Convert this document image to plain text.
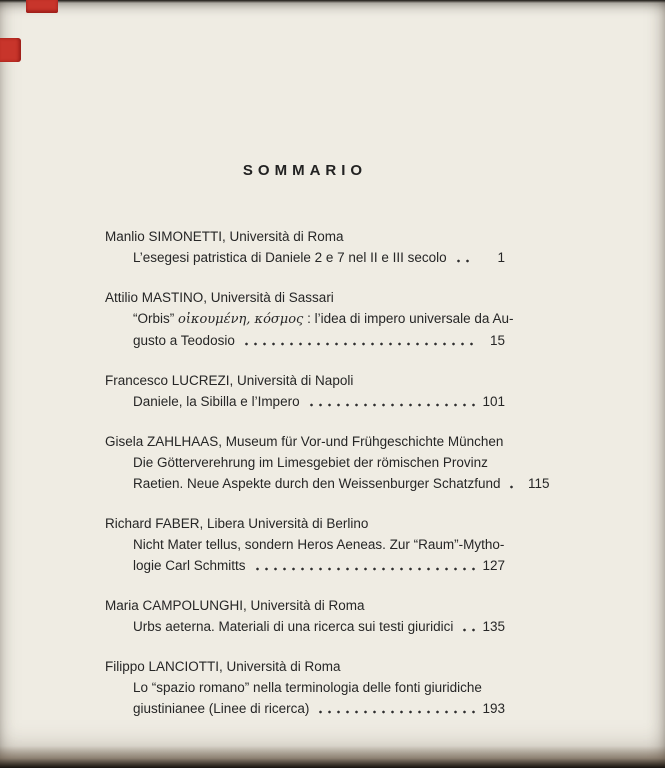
SOMMARIO
Manlio SIMONETTI, Università di Roma
L’esegesi patristica di Daniele 2 e 7 nel II e III secolo	1
Attilio MASTINO, Università di Sassari
“Orbis” οἰκουμένη, κόσμος : l’idea di impero universale da Au-
gusto a Teodosio	15
Francesco LUCREZI, Università di Napoli
Daniele, la Sibilla e l’Impero	101
Gisela ZAHLHAAS, Museum für Vor-und Frühgeschichte München
Die Götterverehrung im Limesgebiet der römischen Provinz
Raetien. Neue Aspekte durch den Weissenburger Schatzfund	115
Richard FABER, Libera Università di Berlino
Nicht Mater tellus, sondern Heros Aeneas. Zur “Raum”-Mytho-
logie Carl Schmitts	127
Maria CAMPOLUNGHI, Università di Roma
Urbs aeterna. Materiali di una ricerca sui testi giuridici	135
Filippo LANCIOTTI, Università di Roma
Lo “spazio romano” nella terminologia delle fonti giuridiche
giustinianee (Linee di ricerca)	193
